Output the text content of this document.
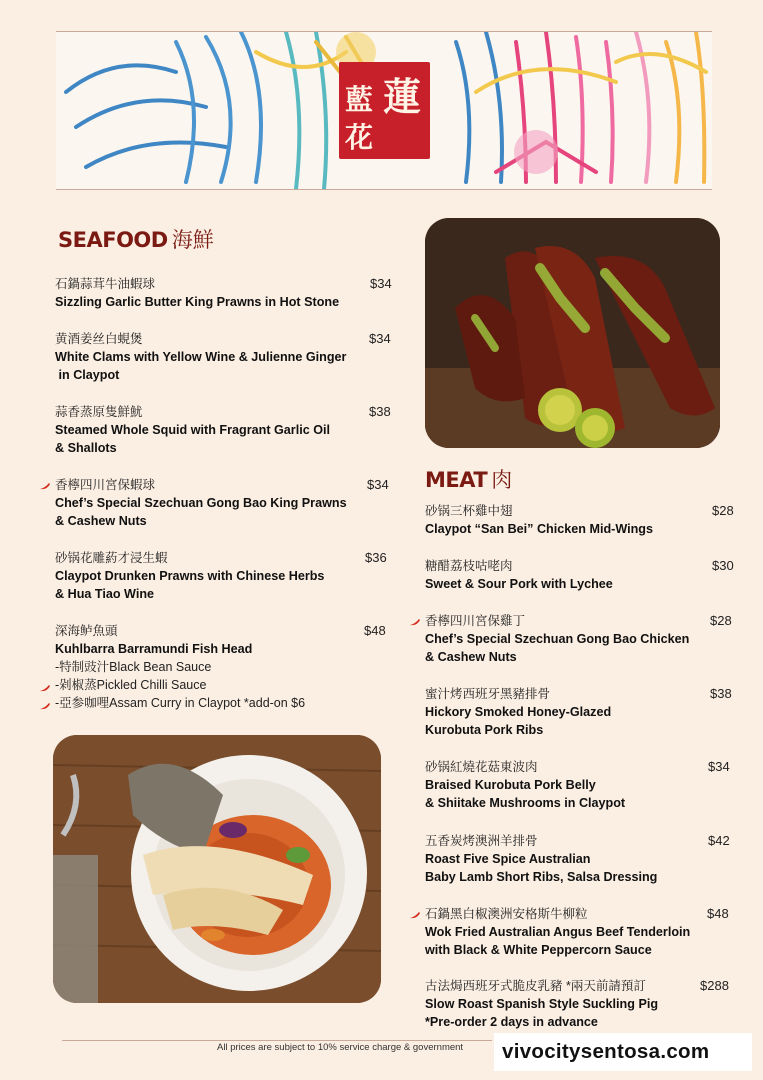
蓮
藍
花
SEAFOOD 海鮮
石鍋蒜茸牛油蝦球
Sizzling Garlic Butter King Prawns in Hot Stone
$34
黄酒姜丝白蜆煲
White Clams with Yellow Wine & Julienne Ginger
in Claypot
$34
蒜香蒸原隻鮮魷
Steamed Whole Squid with Fragrant Garlic Oil
& Shallots
$38
香檸四川宮保蝦球
Chef’s Special Szechuan Gong Bao King Prawns
& Cashew Nuts
$34
砂锅花雕葯才浸生蝦
Claypot Drunken Prawns with Chinese Herbs
& Hua Tiao Wine
$36
深海鲈魚頭
Kuhlbarra Barramundi Fish Head
-特制豉汁Black Bean Sauce
-剁椒蒸Pickled Chilli Sauce
-亞参咖哩Assam Curry in Claypot *add-on $6
$48
MEAT 肉
砂锅三杯雞中翅
Claypot “San Bei” Chicken Mid-Wings
$28
糖醋荔枝咕咾肉
Sweet & Sour Pork with Lychee
$30
香檸四川宮保雞丁
Chef’s Special Szechuan Gong Bao Chicken
& Cashew Nuts
$28
蜜汁烤西班牙黑豬排骨
Hickory Smoked Honey-Glazed
Kurobuta Pork Ribs
$38
砂锅紅燒花菇東波肉
Braised Kurobuta Pork Belly
& Shiitake Mushrooms in Claypot
$34
五香炭烤澳洲羊排骨
Roast Five Spice Australian
Baby Lamb Short Ribs, Salsa Dressing
$42
石鍋黑白椒澳洲安格斯牛柳粒
Wok Fried Australian Angus Beef Tenderloin
with Black & White Peppercorn Sauce
$48
古法焗西班牙式脆皮乳豬 *兩天前請預訂
Slow Roast Spanish Style Suckling Pig
*Pre-order 2 days in advance
$288
All prices are subject to 10% service charge & government vivocitysentosa.com
